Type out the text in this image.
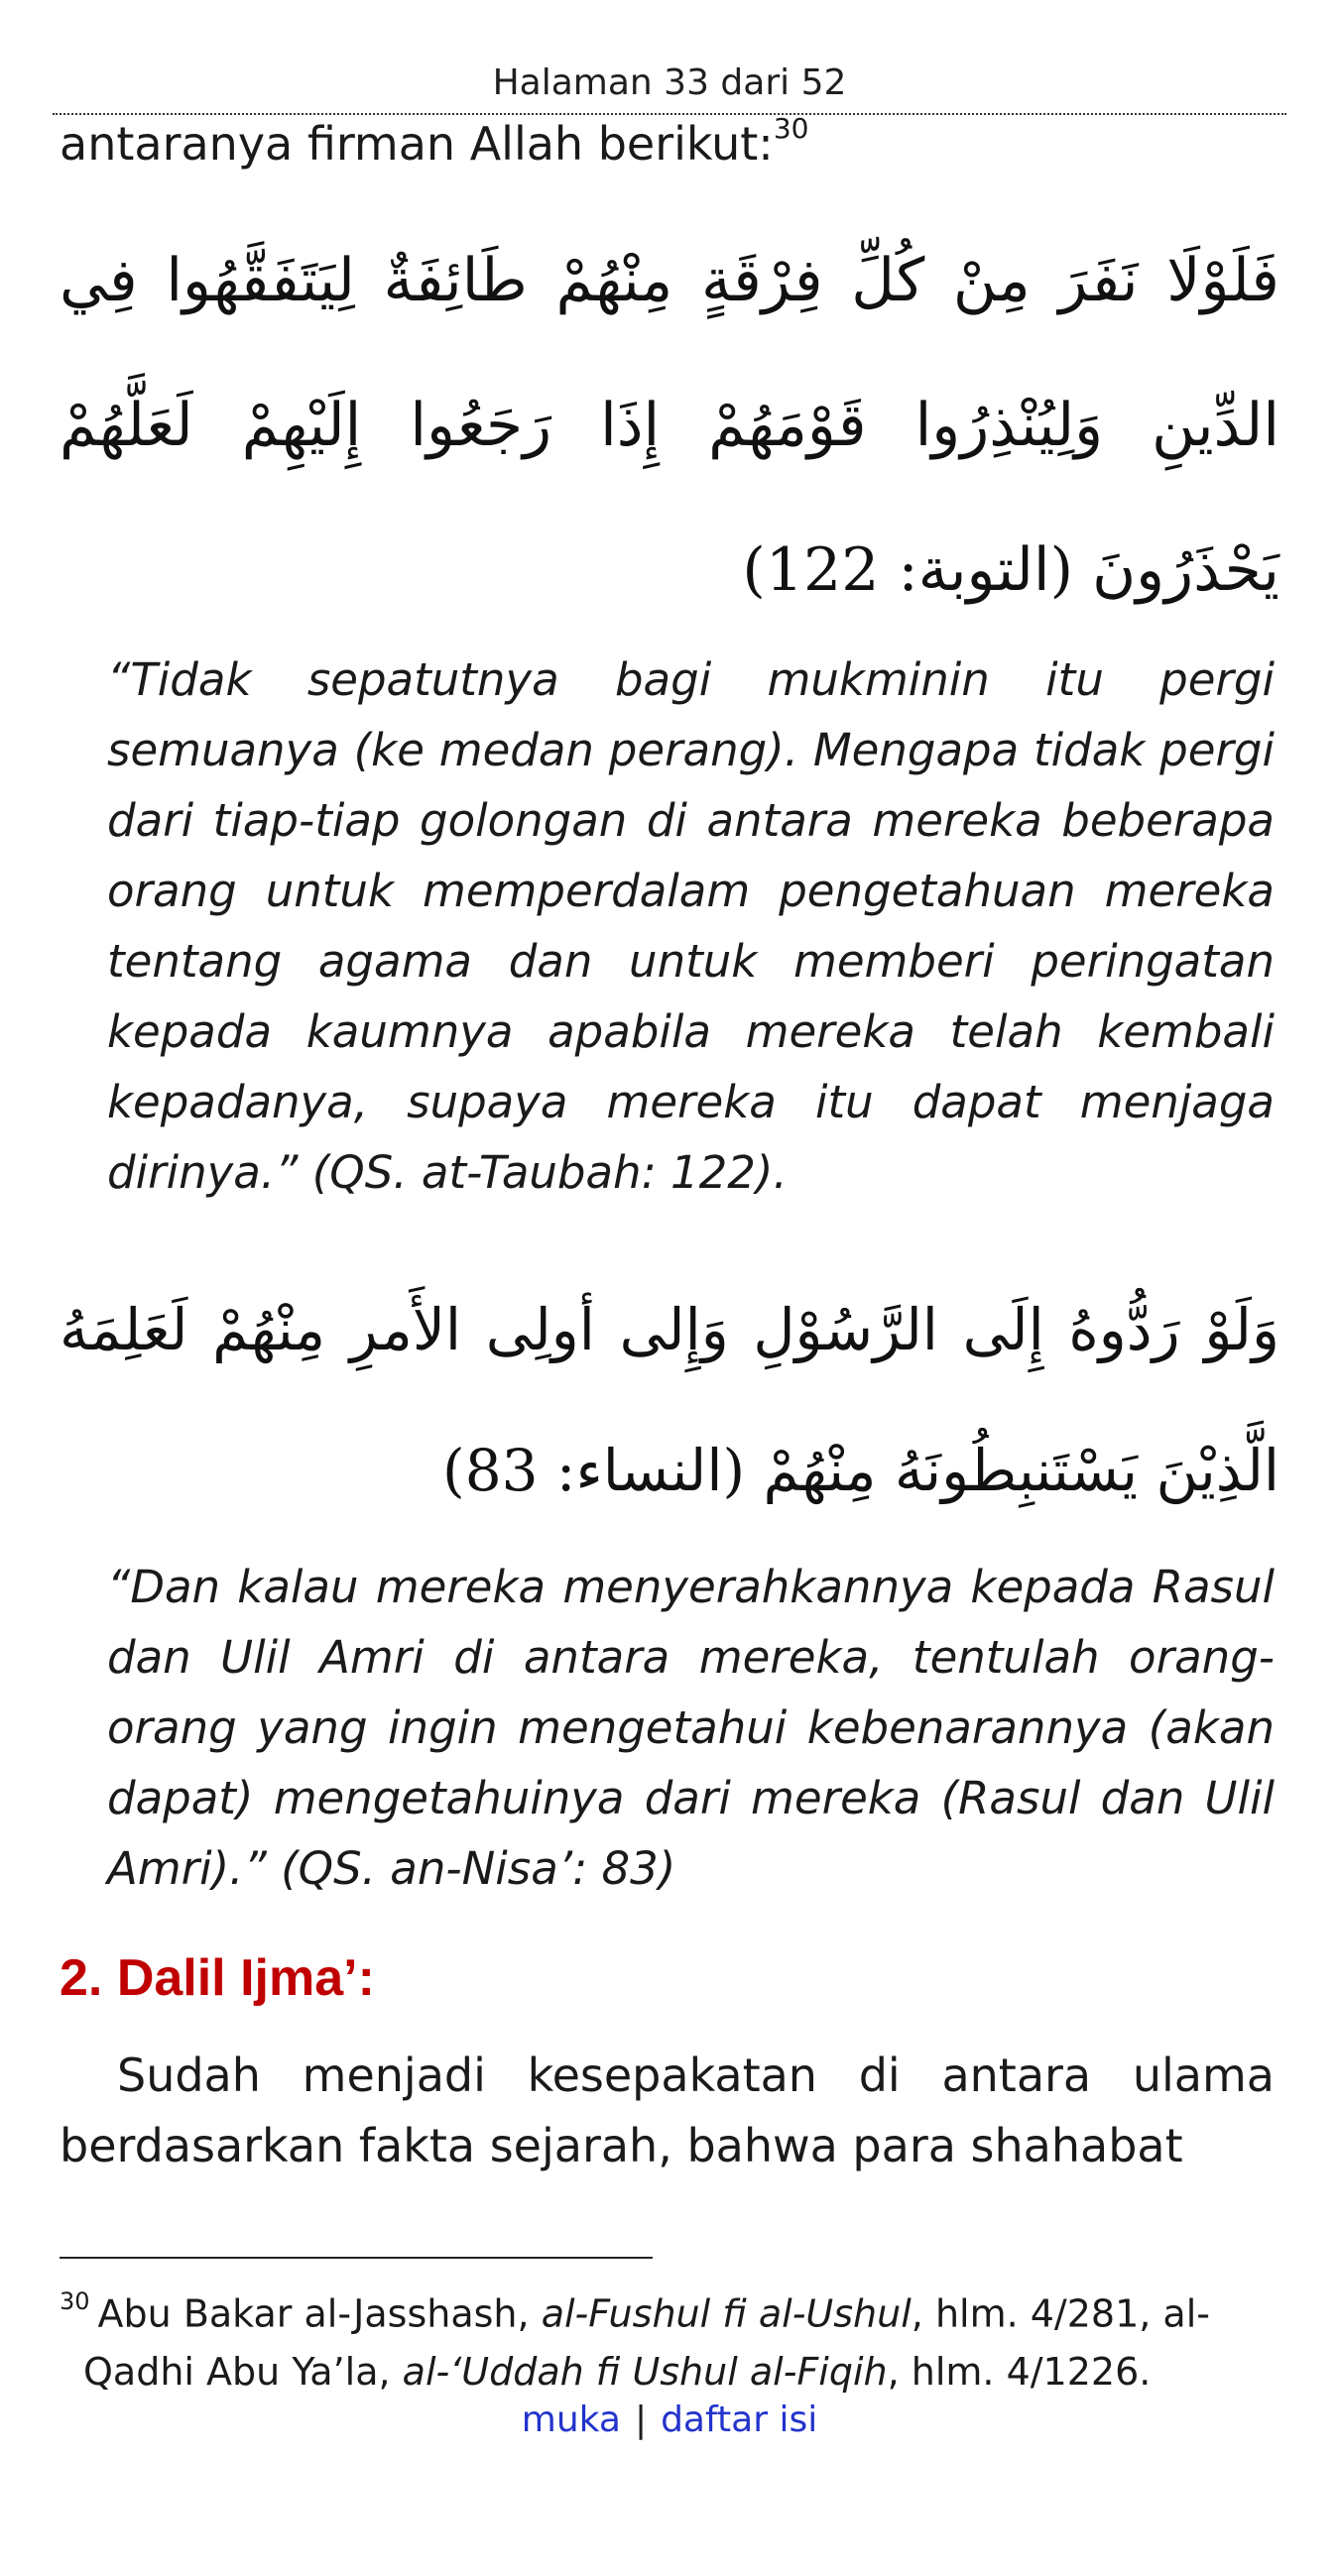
Halaman 33 dari 52
antaranya firman Allah berikut:$^{30}$
فَلَوْلَا نَفَرَ مِنْ كُلِّ فِرْقَةٍ مِنْهُمْ طَائِفَةٌ لِيَتَفَقَّهُوا فِي الدِّينِ وَلِيُنْذِرُوا قَوْمَهُمْ إِذَا رَجَعُوا إِلَيْهِمْ لَعَلَّهُمْ يَحْذَرُونَ (التوبة: 122)
“Tidak sepatutnya bagi mukminin itu pergi semuanya (ke medan perang). Mengapa tidak pergi dari tiap-tiap golongan di antara mereka beberapa orang untuk memperdalam pengetahuan mereka tentang agama dan untuk memberi peringatan kepada kaumnya apabila mereka telah kembali kepadanya, supaya mereka itu dapat menjaga dirinya.” (QS. at-Taubah: 122).
وَلَوْ رَدُّوهُ إِلَى الرَّسُوْلِ وَإِلى أولِى الأَمرِ مِنْهُمْ لَعَلِمَهُ الَّذِيْنَ يَسْتَنبِطُونَهُ مِنْهُمْ (النساء: 83)
“Dan kalau mereka menyerahkannya kepada Rasul dan Ulil Amri di antara mereka, tentulah orang-orang yang ingin mengetahui kebenarannya (akan dapat) mengetahuinya dari mereka (Rasul dan Ulil Amri).” (QS. an-Nisa’: 83)
2. Dalil Ijma’:
Sudah menjadi kesepakatan di antara ulama berdasarkan fakta sejarah, bahwa para shahabat
$^{30}$ Abu Bakar al-Jasshash, al-Fushul fi al-Ushul, hlm. 4/281, al-Qadhi Abu Ya’la, al-‘Uddah fi Ushul al-Fiqih, hlm. 4/1226.
muka | daftar isi
